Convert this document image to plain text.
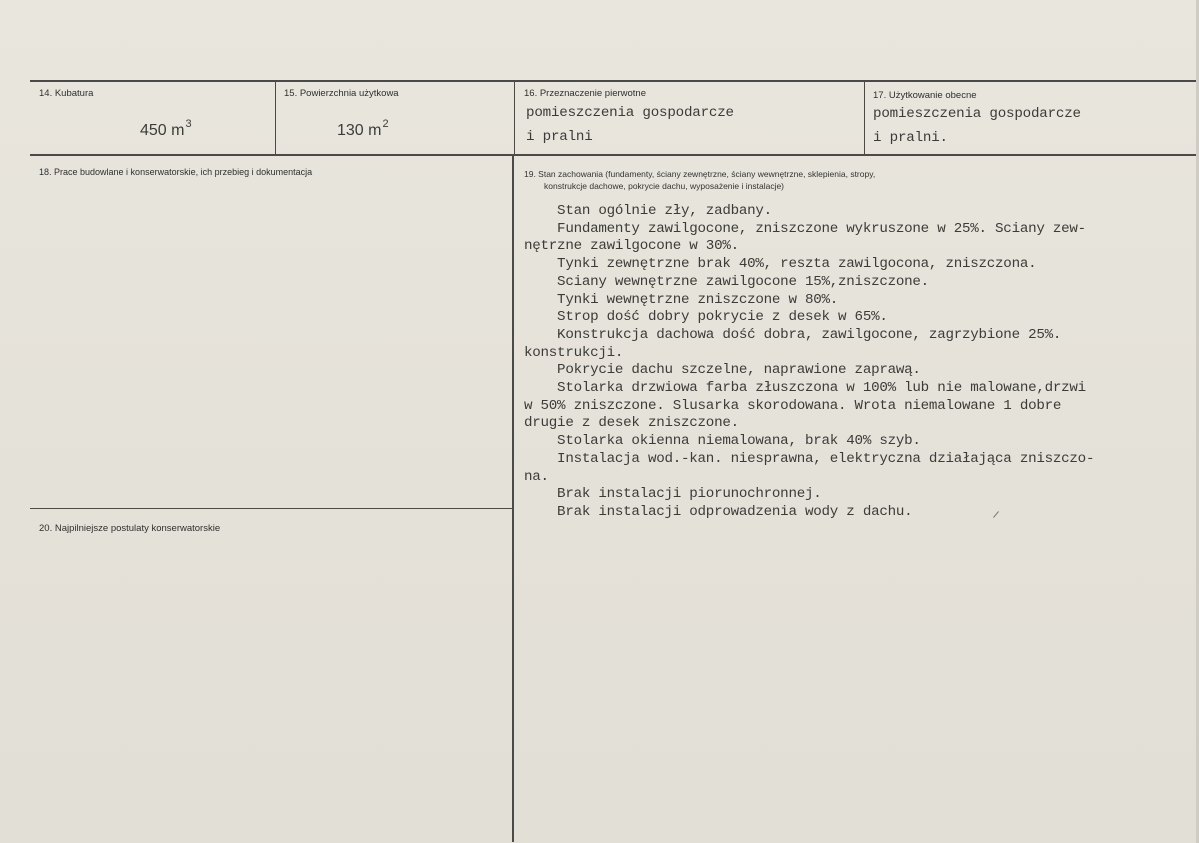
14. Kubatura
450 $m^3$
15. Powierzchnia użytkowa
130 $m^2$
16. Przeznaczenie pierwotne
pomieszczenia gospodarcze
i pralni
17. Użytkowanie obecne
pomieszczenia gospodarcze
i pralni.
18. Prace budowlane i konserwatorskie, ich przebieg i dokumentacja	19. Stan zachowania (fundamenty, ściany zewnętrzne, ściany wewnętrzne, sklepienia, stropy,
konstrukcje dachowe, pokrycie dachu, wyposażenie i instalacje)
Stan ogólnie zły, zadbany.
Fundamenty zawilgocone, zniszczone wykruszone w 25%. Sciany zew-
nętrzne zawilgocone w 30%.
Tynki zewnętrzne brak 40%, reszta zawilgocona, zniszczona.
Sciany wewnętrzne zawilgocone 15%,zniszczone.
Tynki wewnętrzne zniszczone w 80%.
Strop dość dobry pokrycie z desek w 65%.
Konstrukcja dachowa dość dobra, zawilgocone, zagrzybione 25%.
konstrukcji.
Pokrycie dachu szczelne, naprawione zaprawą.
Stolarka drzwiowa farba złuszczona w 100% lub nie malowane,drzwi
w 50% zniszczone. Slusarka skorodowana. Wrota niemalowane 1 dobre
drugie z desek zniszczone.
Stolarka okienna niemalowana, brak 40% szyb.
Instalacja wod.-kan. niesprawna, elektryczna działająca zniszczo-
na.
Brak instalacji piorunochronnej.
Brak instalacji odprowadzenia wody z dachu.
20. Najpilniejsze postulaty konserwatorskie
